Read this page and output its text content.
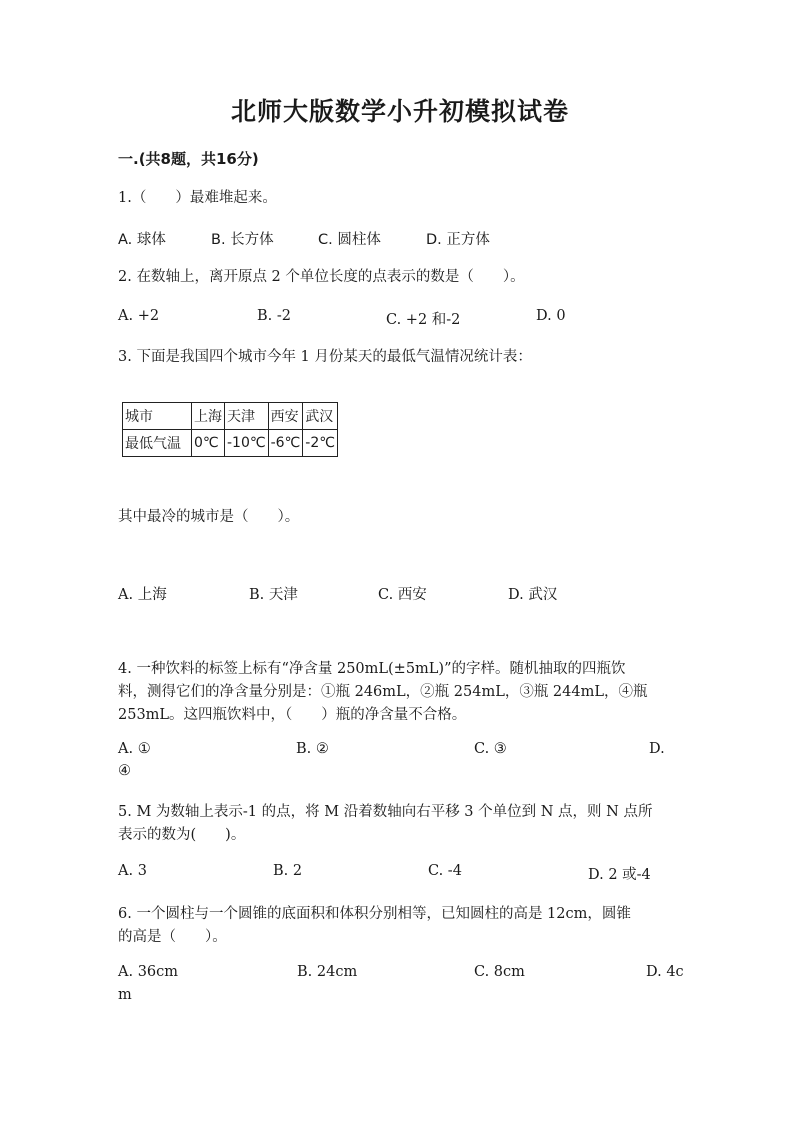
北师大版数学小升初模拟试卷
一.(共8题，共16分)
1.（　　）最难堆起来。
A. 球体	B. 长方体	C. 圆柱体	D. 正方体
2. 在数轴上，离开原点 2 个单位长度的点表示的数是（　　）。
A. +2	B. -2	C. +2 和-2	D. 0
3. 下面是我国四个城市今年 1 月份某天的最低气温情况统计表：
城市	上海	天津	西安	武汉
最低气温	0℃	-10℃	-6℃	-2℃
其中最冷的城市是（　　）。
A. 上海	B. 天津	C. 西安	D. 武汉
4. 一种饮料的标签上标有“净含量 250mL(±5mL)”的字样。随机抽取的四瓶饮
料，测得它们的净含量分别是：①瓶 246mL，②瓶 254mL，③瓶 244mL，④瓶
253mL。这四瓶饮料中，（　　）瓶的净含量不合格。
A. ①	B. ②	C. ③	D.
④
5. M 为数轴上表示-1 的点，将 M 沿着数轴向右平移 3 个单位到 N 点，则 N 点所
表示的数为(　　)。
A. 3	B. 2	C. -4	D. 2 或-4
6. 一个圆柱与一个圆锥的底面积和体积分别相等，已知圆柱的高是 12cm，圆锥
的高是（　　）。
A. 36cm	B. 24cm	C. 8cm	D. 4c
m
